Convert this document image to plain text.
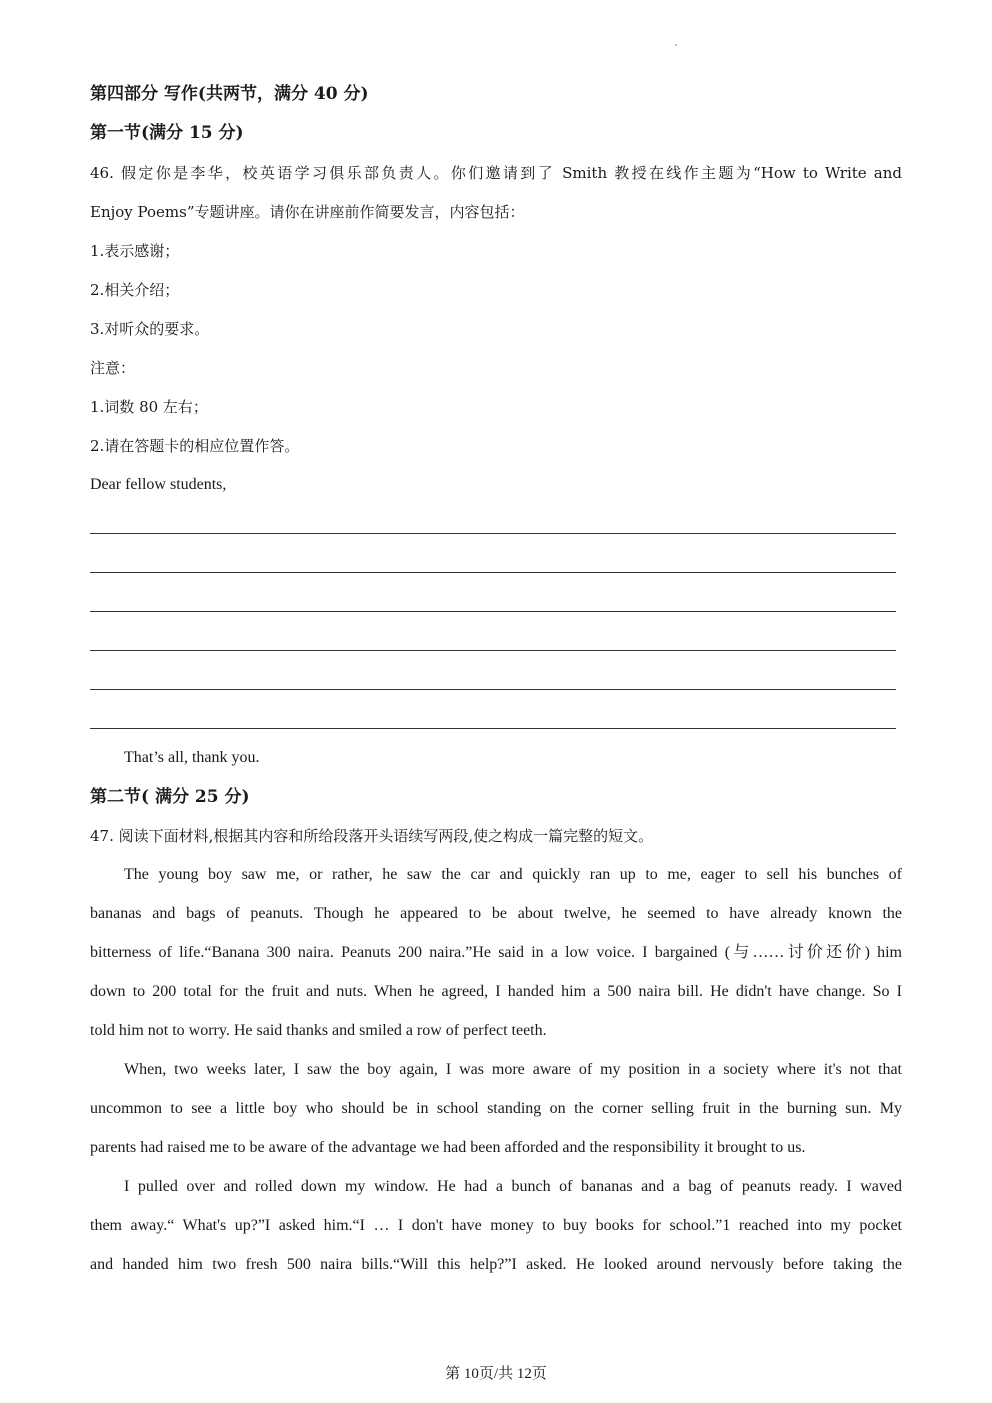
第四部分 写作(共两节，满分 40 分)
第一节(满分 15 分)
46. 假定你是李华，校英语学习俱乐部负责人。你们邀请到了 Smith 教授在线作主题为“How to Write and
Enjoy Poems”专题讲座。请你在讲座前作简要发言，内容包括：
1.表示感谢；
2.相关介绍；
3.对听众的要求。
注意：
1.词数 80 左右；
2.请在答题卡的相应位置作答。
Dear fellow students,
That’s all, thank you.
第二节( 满分 25 分)
47. 阅读下面材料,根据其内容和所给段落开头语续写两段,使之构成一篇完整的短文。
The young boy saw me, or rather, he saw the car and quickly ran up to me, eager to sell his bunches of
bananas and bags of peanuts. Though he appeared to be about twelve, he seemed to have already known the
bitterness of life.“Banana 300 naira. Peanuts 200 naira.”He said in a low voice. I bargained (与……讨价还价) him
down to 200 total for the fruit and nuts. When he agreed, I handed him a 500 naira bill. He didn't have change. So I
told him not to worry. He said thanks and smiled a row of perfect teeth.
When, two weeks later, I saw the boy again, I was more aware of my position in a society where it's not that
uncommon to see a little boy who should be in school standing on the corner selling fruit in the burning sun. My
parents had raised me to be aware of the advantage we had been afforded and the responsibility it brought to us.
I pulled over and rolled down my window. He had a bunch of bananas and a bag of peanuts ready. I waved
them away.“ What's up?”I asked him.“I … I don't have money to buy books for school.”1 reached into my pocket
and handed him two fresh 500 naira bills.“Will this help?”I asked. He looked around nervously before taking the
第 10页/共 12页
